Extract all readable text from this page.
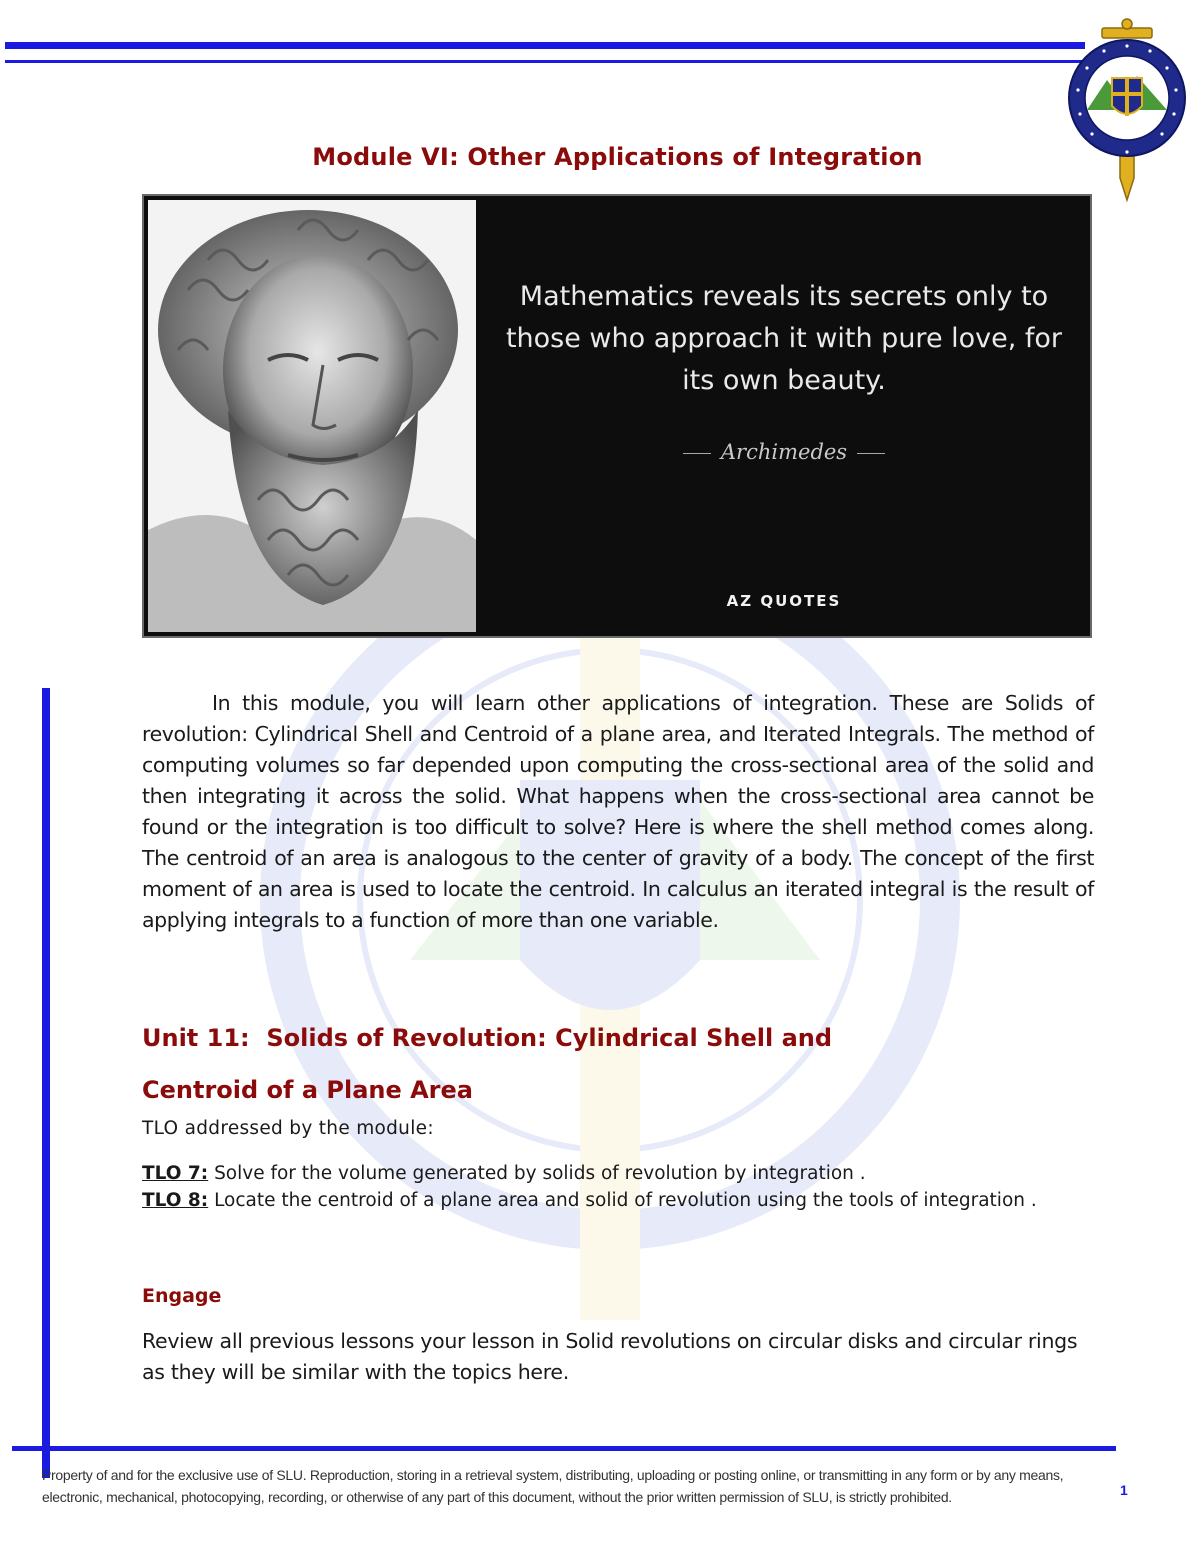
Module VI: Other Applications of Integration
Mathematics reveals its secrets only to those who approach it with pure love, for its own beauty.
Archimedes
AZ QUOTES
In this module, you will learn other applications of integration. These are Solids of revolution: Cylindrical Shell and Centroid of a plane area, and Iterated Integrals. The method of computing volumes so far depended upon computing the cross-sectional area of the solid and then integrating it across the solid. What happens when the cross-sectional area cannot be found or the integration is too difficult to solve? Here is where the shell method comes along. The centroid of an area is analogous to the center of gravity of a body. The concept of the first moment of an area is used to locate the centroid. In calculus an iterated integral is the result of applying integrals to a function of more than one variable.
Unit 11:  Solids of Revolution: Cylindrical Shell and
Centroid of a Plane Area
TLO addressed by the module:
TLO 7: Solve for the volume generated by solids of revolution by integration .
TLO 8: Locate the centroid of a plane area and solid of revolution using the tools of integration .
Engage
Review all previous lessons your lesson in Solid revolutions on circular disks and circular rings as they will be similar with the topics here.
Property of and for the exclusive use of SLU. Reproduction, storing in a retrieval system, distributing, uploading or posting online, or transmitting in any form or by any means, electronic, mechanical, photocopying, recording, or otherwise of any part of this document, without the prior written permission of SLU, is strictly prohibited.	1
